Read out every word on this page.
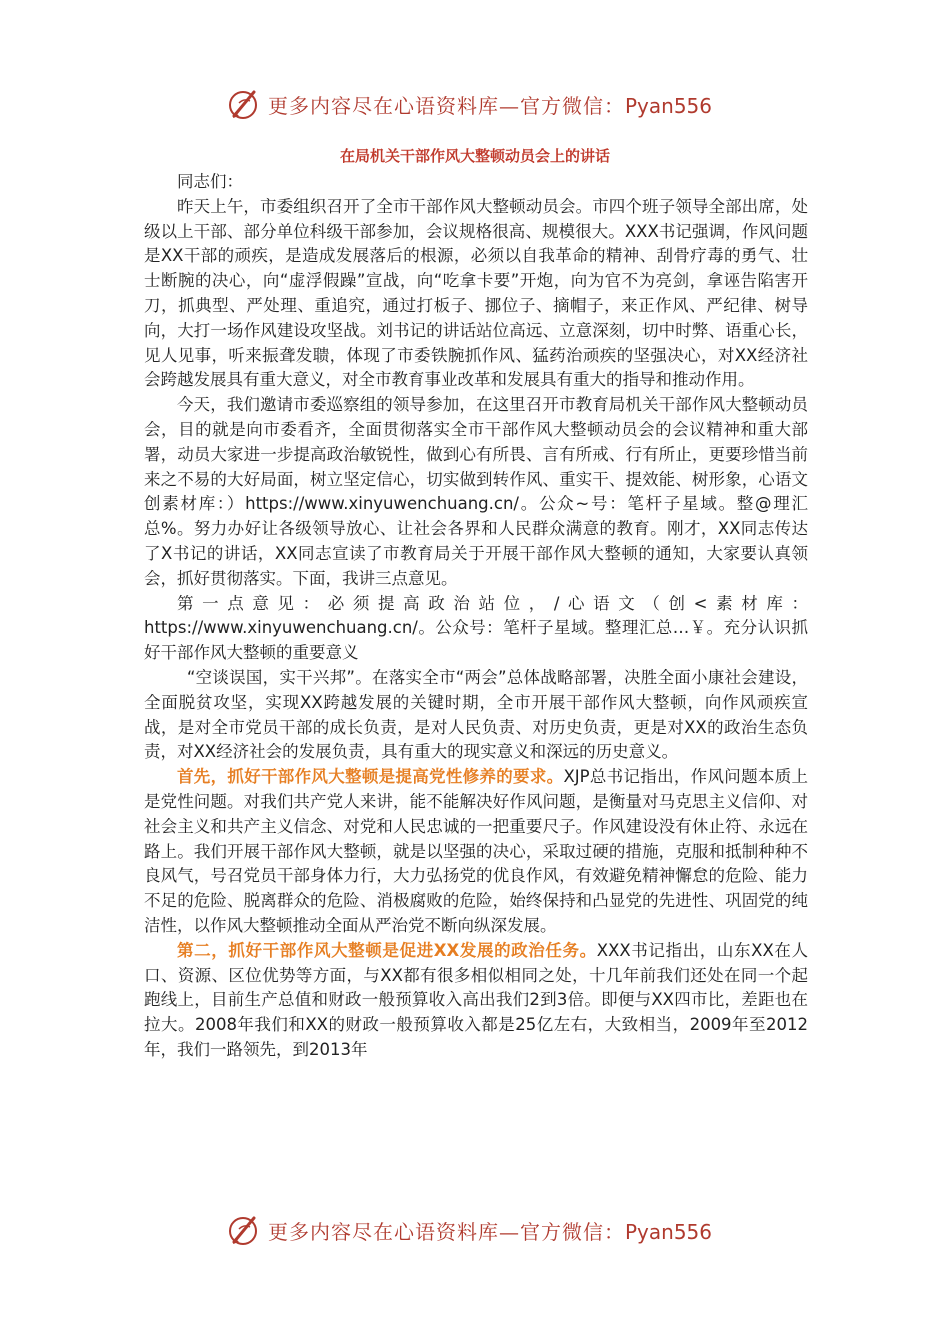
更多内容尽在心语资料库—官方微信：Pyan556
在局机关干部作风大整顿动员会上的讲话

同志们：

昨天上午，市委组织召开了全市干部作风大整顿动员会。市四个班子领导全部出席，处级以上干部、部分单位科级干部参加，会议规格很高、规模很大。XXX书记强调，作风问题是XX干部的顽疾，是造成发展落后的根源，必须以自我革命的精神、刮骨疗毒的勇气、壮士断腕的决心，向“虚浮假躁”宣战，向“吃拿卡要”开炮，向为官不为亮剑，拿诬告陷害开刀，抓典型、严处理、重追究，通过打板子、挪位子、摘帽子，来正作风、严纪律、树导向，大打一场作风建设攻坚战。刘书记的讲话站位高远、立意深刻，切中时弊、语重心长，见人见事，听来振聋发聩，体现了市委铁腕抓作风、猛药治顽疾的坚强决心，对XX经济社会跨越发展具有重大意义，对全市教育事业改革和发展具有重大的指导和推动作用。

今天，我们邀请市委巡察组的领导参加，在这里召开市教育局机关干部作风大整顿动员会，目的就是向市委看齐，全面贯彻落实全市干部作风大整顿动员会的会议精神和重大部署，动员大家进一步提高政治敏锐性，做到心有所畏、言有所戒、行有所止，更要珍惜当前来之不易的大好局面，树立坚定信心，切实做到转作风、重实干、提效能、树形象，心语文创素材库：）https://www.xinyuwenchuang.cn/。公众~号：笔杆子星域。整@理汇总%。努力办好让各级领导放心、让社会各界和人民群众满意的教育。刚才，XX同志传达了X书记的讲话，XX同志宣读了市教育局关于开展干部作风大整顿的通知，大家要认真领会，抓好贯彻落实。下面，我讲三点意见。

第一点意见：必须提高政治站位，/心语文（创<素材库：https://www.xinyuwenchuang.cn/。公众号：笔杆子星域。整理汇总…￥。充分认识抓好干部作风大整顿的重要意义

“空谈误国，实干兴邦”。在落实全市“两会”总体战略部署，决胜全面小康社会建设，全面脱贫攻坚，实现XX跨越发展的关键时期，全市开展干部作风大整顿，向作风顽疾宣战，是对全市党员干部的成长负责，是对人民负责、对历史负责，更是对XX的政治生态负责，对XX经济社会的发展负责，具有重大的现实意义和深远的历史意义。

首先，抓好干部作风大整顿是提高党性修养的要求。XJP总书记指出，作风问题本质上是党性问题。对我们共产党人来讲，能不能解决好作风问题，是衡量对马克思主义信仰、对社会主义和共产主义信念、对党和人民忠诚的一把重要尺子。作风建设没有休止符、永远在路上。我们开展干部作风大整顿，就是以坚强的决心，采取过硬的措施，克服和抵制种种不良风气，号召党员干部身体力行，大力弘扬党的优良作风，有效避免精神懈怠的危险、能力不足的危险、脱离群众的危险、消极腐败的危险，始终保持和凸显党的先进性、巩固党的纯洁性，以作风大整顿推动全面从严治党不断向纵深发展。

第二，抓好干部作风大整顿是促进XX发展的政治任务。XXX书记指出，山东XX在人口、资源、区位优势等方面，与XX都有很多相似相同之处，十几年前我们还处在同一个起跑线上，目前生产总值和财政一般预算收入高出我们2到3倍。即便与XX四市比，差距也在拉大。2008年我们和XX的财政一般预算收入都是25亿左右，大致相当，2009年至2012年，我们一路领先，到2013年

更多内容尽在心语资料库—官方微信：Pyan556
